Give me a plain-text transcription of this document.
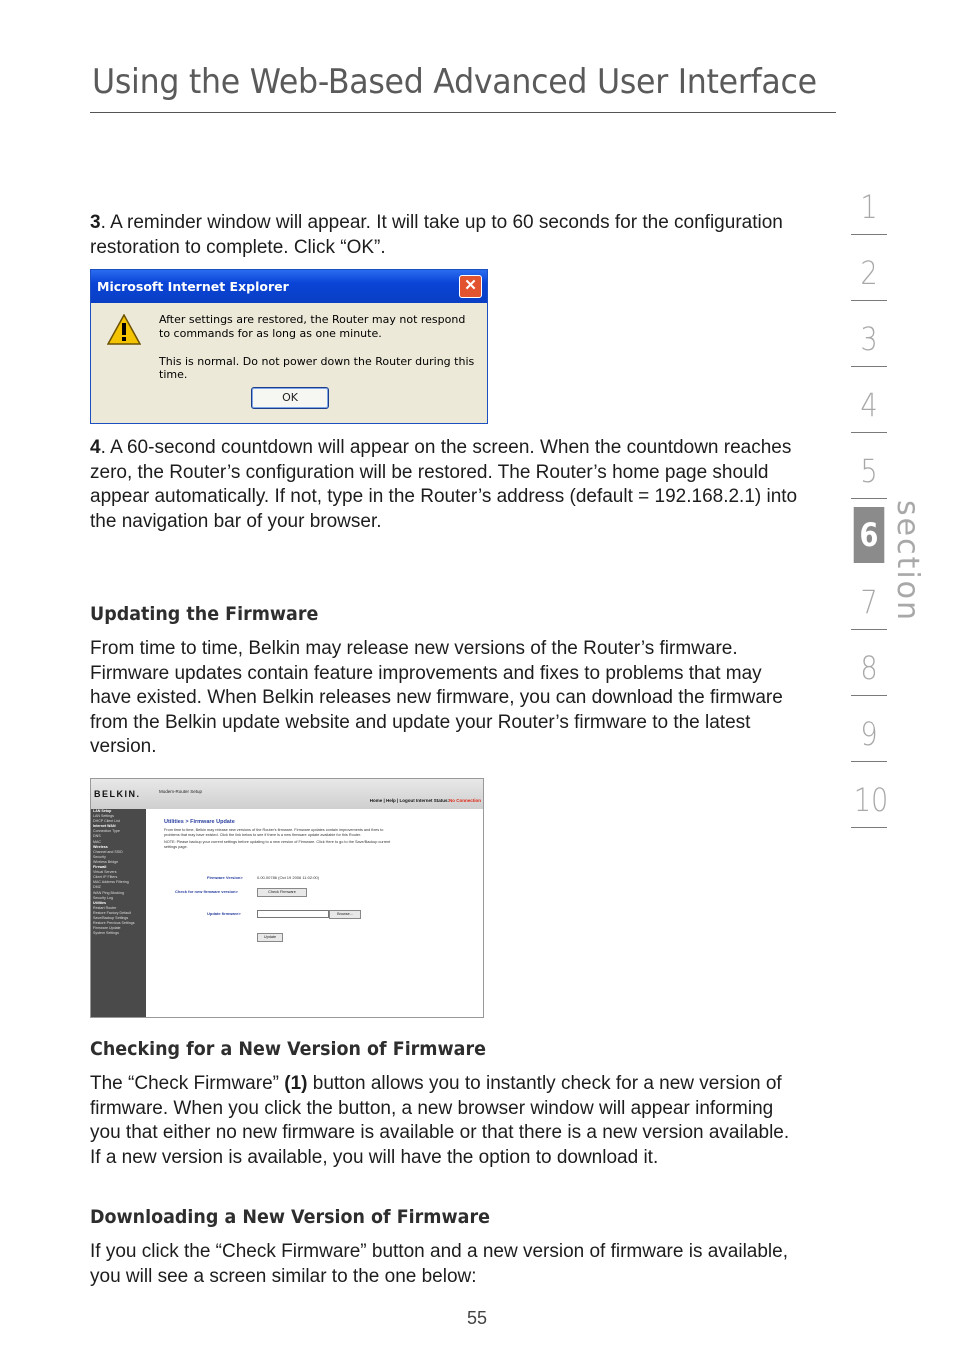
Using the Web-Based Advanced User Interface
1
2
3
4
5
6
7
8
9
10
section
3. A reminder window will appear. It will take up to 60 seconds for the configuration restoration to complete. Click “OK”.
Microsoft Internet Explorer	✕
After settings are restored, the Router may not respond
to commands for as long as one minute.
This is normal. Do not power down the Router during this time.
OK
4. A 60-second countdown will appear on the screen. When the countdown reaches zero, the Router’s configuration will be restored. The Router’s home page should appear automatically. If not, type in the Router’s address (default = 192.168.2.1) into the navigation bar of your browser.
Updating the Firmware
From time to time, Belkin may release new versions of the Router’s firmware. Firmware updates contain feature improvements and fixes to problems that may have existed. When Belkin releases new firmware, you can download the firmware from the Belkin update website and update your Router’s firmware to the latest version.
BELKIN.	Modem-Router Setup
Home | Help | Logout Internet Status:No Connection
LAN Setup
LAN Settings
DHCP Client List
Internet WAN
Connection Type
DNS
MAC
Wireless
Channel and SSID
Security
Wireless Bridge
Firewall
Virtual Servers
Client IP Filters
MAC Address Filtering
DMZ
WAN Ping Blocking
Security Log
Utilities
Restart Router
Restore Factory Default
Save/Backup Settings
Restore Previous Settings
Firmware Update
System Settings
Utilities > Firmware Update
From time to time, Belkin may release new versions of the Router's firmware. Firmware updates contain improvements and fixes to problems that may have existed. Click the link below to see if there is a new firmware update available for this Router.
NOTE: Please backup your current settings before updating to a new version of Firmware. Click Here to go to the Save/Backup current settings page.
Firmware Version>	0.00.00786 (Oct 19 2006 11:02:00)
Check for new firmware version>	Check Firmware
Update firmware>	Browse...
Update
Checking for a New Version of Firmware
The “Check Firmware” (1) button allows you to instantly check for a new version of firmware. When you click the button, a new browser window will appear informing you that either no new firmware is available or that there is a new version available. If a new version is available, you will have the option to download it.
Downloading a New Version of Firmware
If you click the “Check Firmware” button and a new version of firmware is available, you will see a screen similar to the one below:
55
